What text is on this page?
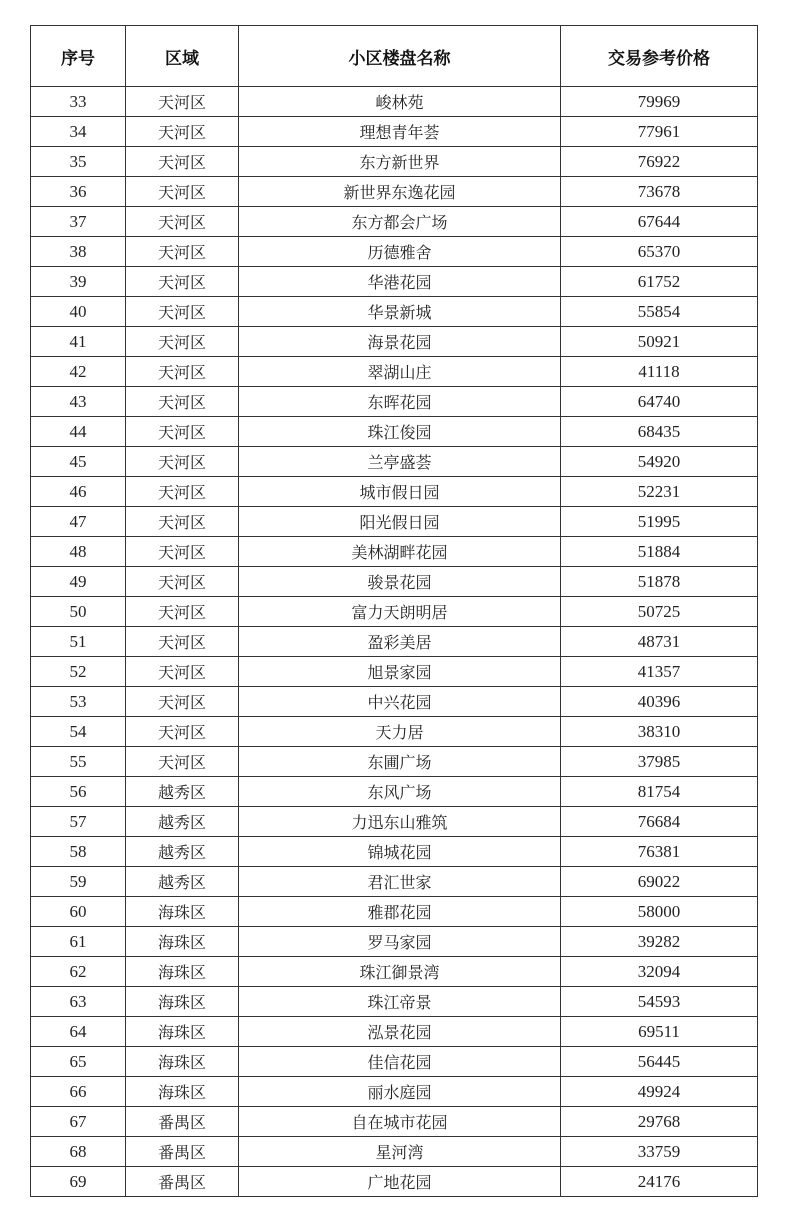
序号	区域	小区楼盘名称	交易参考价格
33	天河区	峻林苑	79969
34	天河区	理想青年荟	77961
35	天河区	东方新世界	76922
36	天河区	新世界东逸花园	73678
37	天河区	东方都会广场	67644
38	天河区	历德雅舍	65370
39	天河区	华港花园	61752
40	天河区	华景新城	55854
41	天河区	海景花园	50921
42	天河区	翠湖山庄	41118
43	天河区	东晖花园	64740
44	天河区	珠江俊园	68435
45	天河区	兰亭盛荟	54920
46	天河区	城市假日园	52231
47	天河区	阳光假日园	51995
48	天河区	美林湖畔花园	51884
49	天河区	骏景花园	51878
50	天河区	富力天朗明居	50725
51	天河区	盈彩美居	48731
52	天河区	旭景家园	41357
53	天河区	中兴花园	40396
54	天河区	天力居	38310
55	天河区	东圃广场	37985
56	越秀区	东风广场	81754
57	越秀区	力迅东山雅筑	76684
58	越秀区	锦城花园	76381
59	越秀区	君汇世家	69022
60	海珠区	雅郡花园	58000
61	海珠区	罗马家园	39282
62	海珠区	珠江御景湾	32094
63	海珠区	珠江帝景	54593
64	海珠区	泓景花园	69511
65	海珠区	佳信花园	56445
66	海珠区	丽水庭园	49924
67	番禺区	自在城市花园	29768
68	番禺区	星河湾	33759
69	番禺区	广地花园	24176
